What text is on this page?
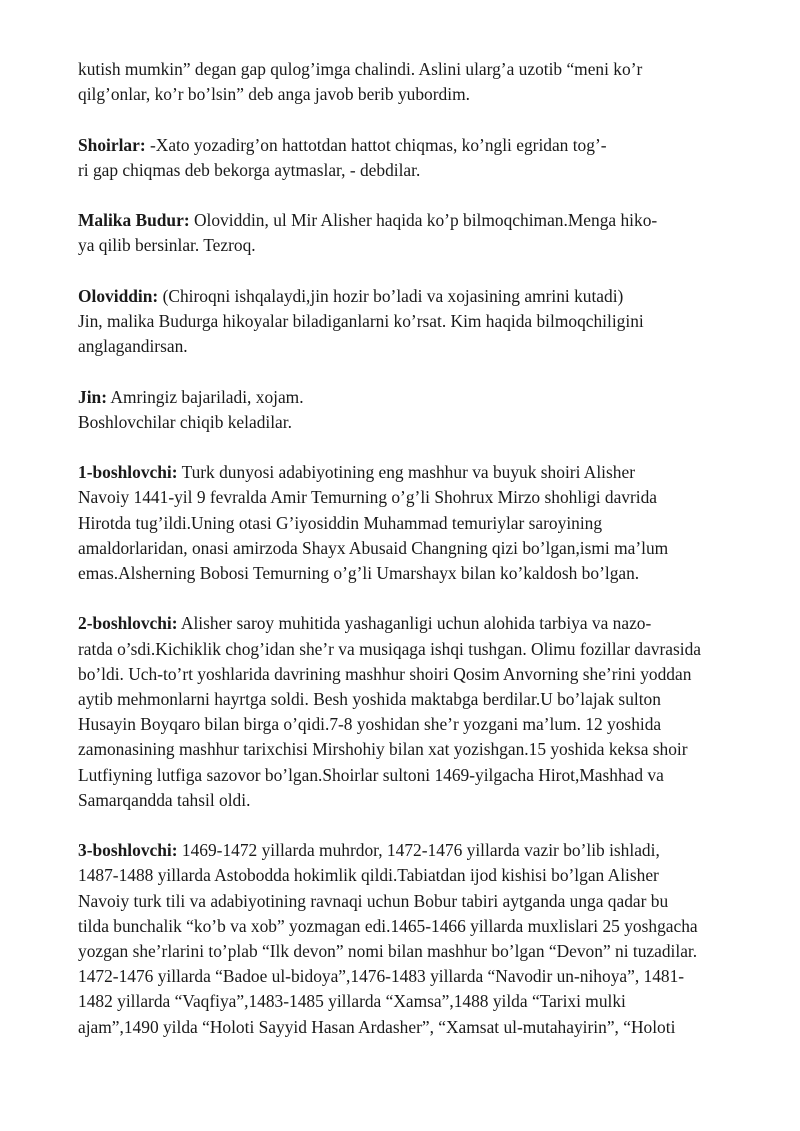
kutish mumkin” degan gap qulog’imga chalindi. Aslini ularg’a uzotib “meni ko’r
qilg’onlar, ko’r bo’lsin” deb anga javob berib yubordim.
Shoirlar: -Xato yozadirg’on hattotdan hattot chiqmas, ko’ngli egridan tog’-
ri gap chiqmas deb bekorga aytmaslar, - debdilar.
Malika Budur: Oloviddin, ul Mir Alisher haqida ko’p bilmoqchiman.Menga hiko-
ya qilib bersinlar. Tezroq.
Oloviddin: (Chiroqni ishqalaydi,jin hozir bo’ladi va xojasining amrini kutadi)
Jin, malika Budurga hikoyalar biladiganlarni ko’rsat. Kim haqida bilmoqchiligini
anglagandirsan.
Jin: Amringiz bajariladi, xojam.
Boshlovchilar chiqib keladilar.
1-boshlovchi: Turk dunyosi adabiyotining eng mashhur va buyuk shoiri Alisher
Navoiy 1441-yil 9 fevralda Amir Temurning o’g’li Shohrux Mirzo shohligi davrida
Hirotda tug’ildi.Uning otasi G’iyosiddin Muhammad temuriylar saroyining
amaldorlaridan, onasi amirzoda Shayx Abusaid Changning qizi bo’lgan,ismi ma’lum
emas.Alsherning Bobosi Temurning o’g’li Umarshayx bilan ko’kaldosh bo’lgan.
2-boshlovchi: Alisher saroy muhitida yashaganligi uchun alohida tarbiya va nazo-
ratda o’sdi.Kichiklik chog’idan she’r va musiqaga ishqi tushgan. Olimu fozillar davrasida
bo’ldi. Uch-to’rt yoshlarida davrining mashhur shoiri Qosim Anvorning she’rini yoddan
aytib mehmonlarni hayrtga soldi. Besh yoshida maktabga berdilar.U bo’lajak sulton
Husayin Boyqaro bilan birga o’qidi.7-8 yoshidan she’r yozgani ma’lum. 12 yoshida
zamonasining mashhur tarixchisi Mirshohiy bilan xat yozishgan.15 yoshida keksa shoir
Lutfiyning lutfiga sazovor bo’lgan.Shoirlar sultoni 1469-yilgacha Hirot,Mashhad va
Samarqandda tahsil oldi.
3-boshlovchi: 1469-1472 yillarda muhrdor, 1472-1476 yillarda vazir bo’lib ishladi,
1487-1488 yillarda Astobodda hokimlik qildi.Tabiatdan ijod kishisi bo’lgan Alisher
Navoiy turk tili va adabiyotining ravnaqi uchun Bobur tabiri aytganda unga qadar bu
tilda bunchalik “ko’b va xob” yozmagan edi.1465-1466 yillarda muxlislari 25 yoshgacha
yozgan she’rlarini to’plab “Ilk devon” nomi bilan mashhur bo’lgan “Devon” ni tuzadilar.
1472-1476 yillarda “Badoe ul-bidoya”,1476-1483 yillarda “Navodir un-nihoya”, 1481-
1482 yillarda “Vaqfiya”,1483-1485 yillarda “Xamsa”,1488 yilda “Tarixi mulki
ajam”,1490 yilda “Holoti Sayyid Hasan Ardasher”, “Xamsat ul-mutahayirin”, “Holoti
